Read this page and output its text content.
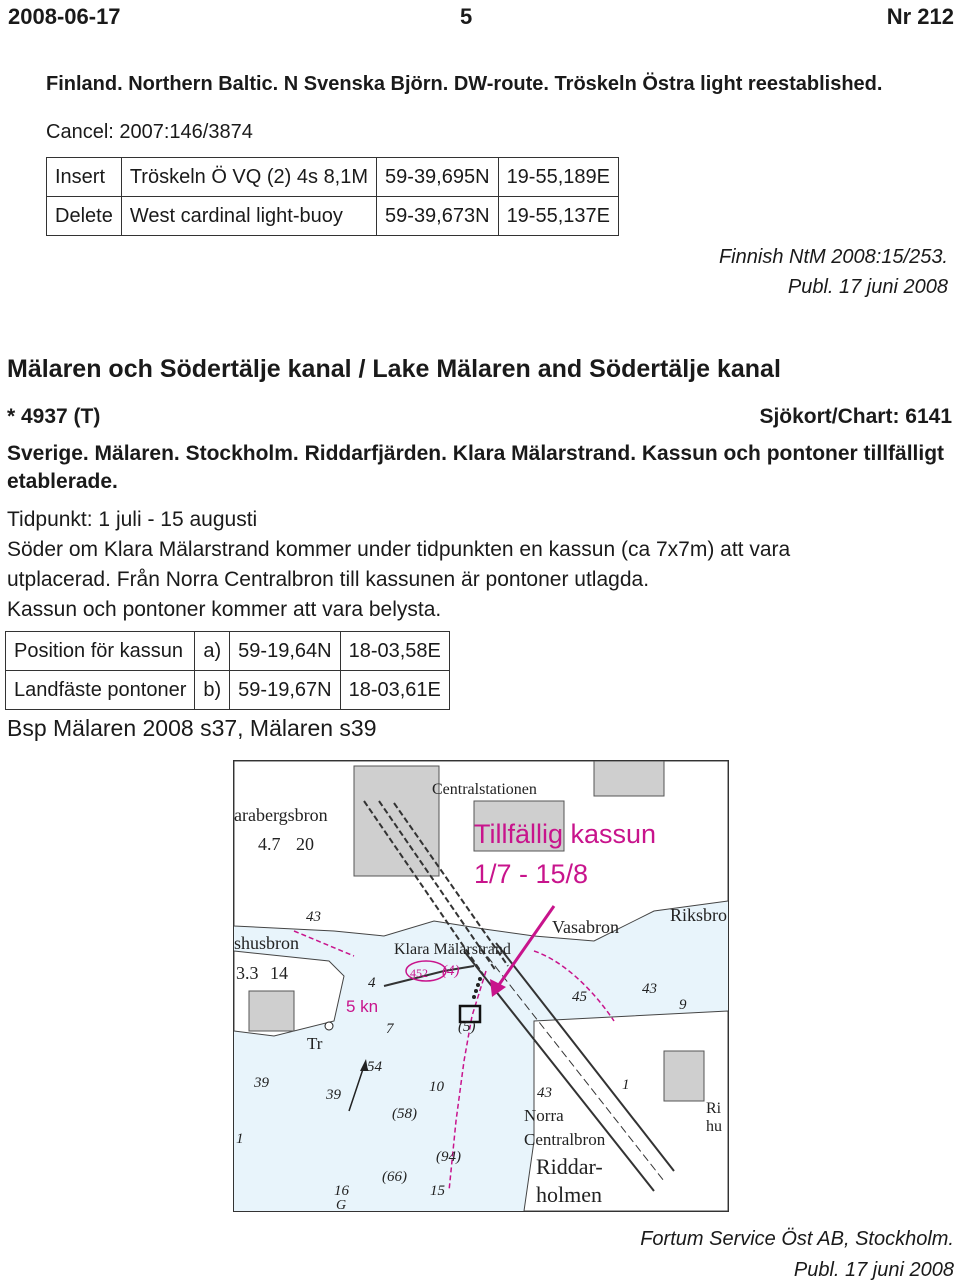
2008-06-17	5	Nr 212

Finland. Northern Baltic. N Svenska Björn. DW-route. Tröskeln Östra light reestablished.

Cancel: 2007:146/3874
Insert	Tröskeln Ö VQ (2) 4s 8,1M	59-39,695N	19-55,189E
Delete	West cardinal light-buoy	59-39,673N	19-55,137E
Finnish NtM 2008:15/253.
Publ. 17 juni 2008
Mälaren och Södertälje kanal / Lake Mälaren and Södertälje kanal
* 4937 (T)	Sjökort/Chart: 6141

Sverige. Mälaren. Stockholm. Riddarfjärden. Klara Mälarstrand. Kassun och pontoner tillfälligt etablerade.

Tidpunkt: 1 juli - 15 augusti
Söder om Klara Mälarstrand kommer under tidpunkten en kassun (ca 7x7m) att vara
utplacerad. Från Norra Centralbron till kassunen är pontoner utlagda.
Kassun och pontoner kommer att vara belysta.
Position för kassun	a)	59-19,64N	18-03,58E
Landfäste pontoner	b)	59-19,67N	18-03,61E
Bsp Mälaren 2008 s37, Mälaren s39
Centralstationen
Tillfällig kassun
1/7 - 15/8
arabergsbron
4.7 20
shusbron	Klara Mälarstrand
Vasabron
Riksbro
3.3 14	452 (4)
5 kn
Tr
Norra
Centralbron
Riddar-
holmen
Ri
hu
43
4
7
54
39
39	10
(58)
(94)
(66)
16	15
43	1
45	43
9
(5)
1
G
Fortum Service Öst AB, Stockholm.
Publ. 17 juni 2008
